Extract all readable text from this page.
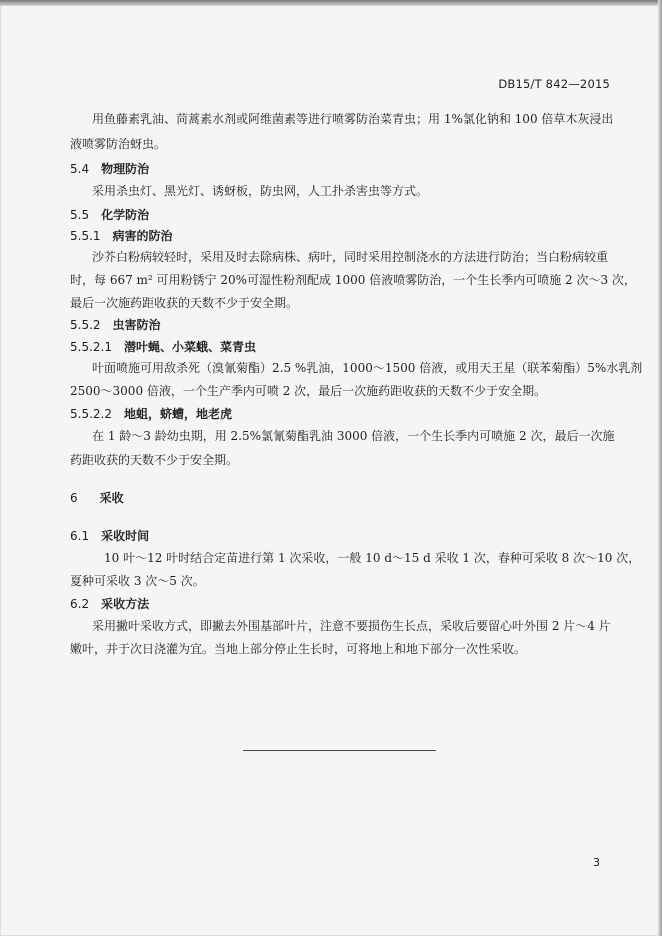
DB15/T 842—2015
用鱼藤素乳油、苘蒿素水剂或阿维菌素等进行喷雾防治菜青虫；用 1%氯化钠和 100 倍草木灰浸出
液喷雾防治蚜虫。
5.4 物理防治
采用杀虫灯、黑光灯、诱蚜板，防虫网，人工扑杀害虫等方式。
5.5 化学防治
5.5.1 病害的防治
沙芥白粉病较轻时，采用及时去除病株、病叶，同时采用控制浇水的方法进行防治；当白粉病较重
时，每 667 m² 可用粉锈宁 20%可湿性粉剂配成 1000 倍液喷雾防治，一个生长季内可喷施 2 次～3 次，
最后一次施药距收获的天数不少于安全期。
5.5.2 虫害防治
5.5.2.1 潜叶蝇、小菜蛾、菜青虫
叶面喷施可用敌杀死（溴氰菊酯）2.5 %乳油，1000～1500 倍液，或用天王星（联苯菊酯）5%水乳剂
2500～3000 倍液，一个生产季内可喷 2 次，最后一次施药距收获的天数不少于安全期。
5.5.2.2 地蛆，蛴螬，地老虎
在 1 龄～3 龄幼虫期，用 2.5%氯氰菊酯乳油 3000 倍液，一个生长季内可喷施 2 次，最后一次施
药距收获的天数不少于安全期。
6 采收
6.1 采收时间
10 叶～12 叶时结合定苗进行第 1 次采收，一般 10 d～15 d 采收 1 次，春种可采收 8 次～10 次，
夏种可采收 3 次～5 次。
6.2 采收方法
采用撇叶采收方式，即撇去外围基部叶片，注意不要损伤生长点，采收后要留心叶外围 2 片～4 片
嫩叶，并于次日浇灌为宜。当地上部分停止生长时，可将地上和地下部分一次性采收。
3
